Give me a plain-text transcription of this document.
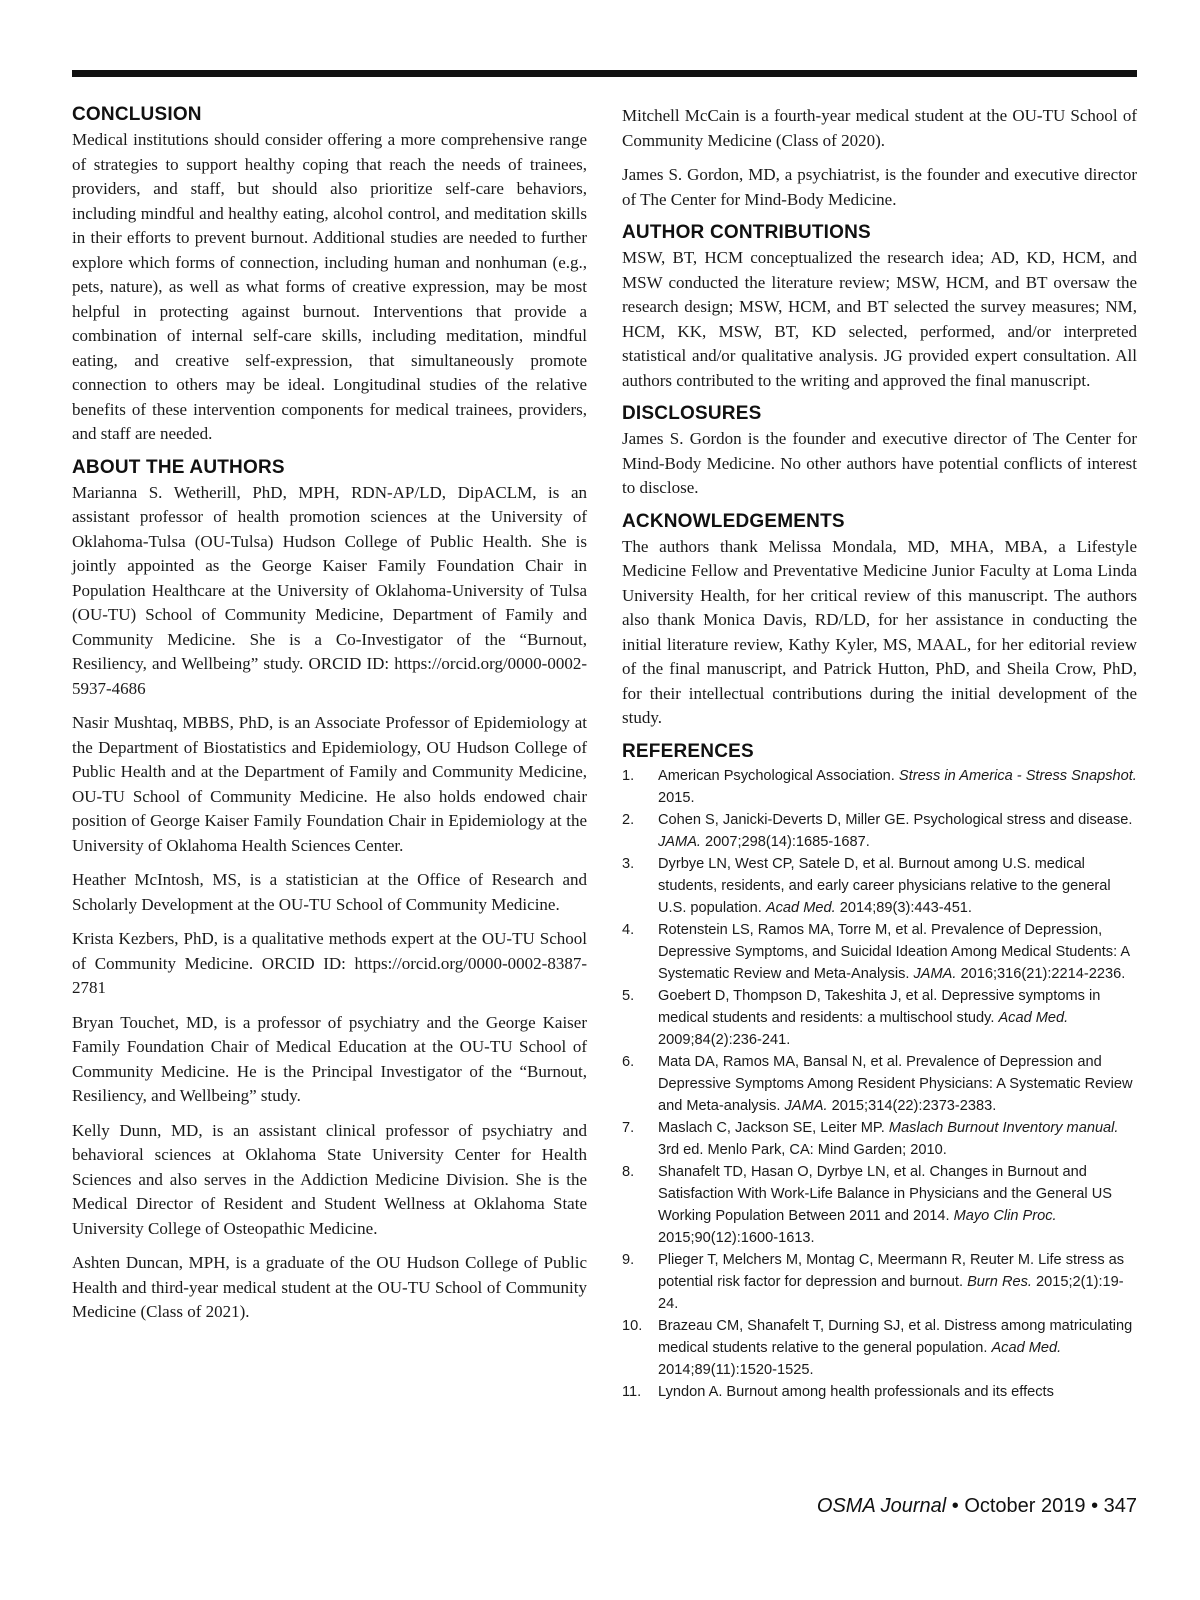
CONCLUSION

Medical institutions should consider offering a more comprehensive range of strategies to support healthy coping that reach the needs of trainees, providers, and staff, but should also prioritize self-care behaviors, including mindful and healthy eating, alcohol control, and meditation skills in their efforts to prevent burnout. Additional studies are needed to further explore which forms of connection, including human and nonhuman (e.g., pets, nature), as well as what forms of creative expression, may be most helpful in protecting against burnout. Interventions that provide a combination of internal self-care skills, including meditation, mindful eating, and creative self-expression, that simultaneously promote connection to others may be ideal. Longitudinal studies of the relative benefits of these intervention components for medical trainees, providers, and staff are needed.

ABOUT THE AUTHORS

Marianna S. Wetherill, PhD, MPH, RDN-AP/LD, DipACLM, is an assistant professor of health promotion sciences at the University of Oklahoma-Tulsa (OU-Tulsa) Hudson College of Public Health. She is jointly appointed as the George Kaiser Family Foundation Chair in Population Healthcare at the University of Oklahoma-University of Tulsa (OU-TU) School of Community Medicine, Department of Family and Community Medicine. She is a Co-Investigator of the “Burnout, Resiliency, and Wellbeing” study. ORCID ID: https://orcid.org/0000-0002-5937-4686

Nasir Mushtaq, MBBS, PhD, is an Associate Professor of Epidemiology at the Department of Biostatistics and Epidemiology, OU Hudson College of Public Health and at the Department of Family and Community Medicine, OU-TU School of Community Medicine. He also holds endowed chair position of George Kaiser Family Foundation Chair in Epidemiology at the University of Oklahoma Health Sciences Center.

Heather McIntosh, MS, is a statistician at the Office of Research and Scholarly Development at the OU-TU School of Community Medicine.

Krista Kezbers, PhD, is a qualitative methods expert at the OU-TU School of Community Medicine. ORCID ID: https://orcid.org/0000-0002-8387-2781

Bryan Touchet, MD, is a professor of psychiatry and the George Kaiser Family Foundation Chair of Medical Education at the OU-TU School of Community Medicine. He is the Principal Investigator of the “Burnout, Resiliency, and Wellbeing” study.

Kelly Dunn, MD, is an assistant clinical professor of psychiatry and behavioral sciences at Oklahoma State University Center for Health Sciences and also serves in the Addiction Medicine Division. She is the Medical Director of Resident and Student Wellness at Oklahoma State University College of Osteopathic Medicine.

Ashten Duncan, MPH, is a graduate of the OU Hudson College of Public Health and third-year medical student at the OU-TU School of Community Medicine (Class of 2021).

Mitchell McCain is a fourth-year medical student at the OU-TU School of Community Medicine (Class of 2020).

James S. Gordon, MD, a psychiatrist, is the founder and executive director of The Center for Mind-Body Medicine.

AUTHOR CONTRIBUTIONS

MSW, BT, HCM conceptualized the research idea; AD, KD, HCM, and MSW conducted the literature review; MSW, HCM, and BT oversaw the research design; MSW, HCM, and BT selected the survey measures; NM, HCM, KK, MSW, BT, KD selected, performed, and/or interpreted statistical and/or qualitative analysis. JG provided expert consultation. All authors contributed to the writing and approved the final manuscript.

DISCLOSURES

James S. Gordon is the founder and executive director of The Center for Mind-Body Medicine. No other authors have potential conflicts of interest to disclose.

ACKNOWLEDGEMENTS

The authors thank Melissa Mondala, MD, MHA, MBA, a Lifestyle Medicine Fellow and Preventative Medicine Junior Faculty at Loma Linda University Health, for her critical review of this manuscript. The authors also thank Monica Davis, RD/LD, for her assistance in conducting the initial literature review, Kathy Kyler, MS, MAAL, for her editorial review of the final manuscript, and Patrick Hutton, PhD, and Sheila Crow, PhD, for their intellectual contributions during the initial development of the study.

REFERENCES
1. American Psychological Association. Stress in America - Stress Snapshot. 2015.
2. Cohen S, Janicki-Deverts D, Miller GE. Psychological stress and disease. JAMA. 2007;298(14):1685-1687.
3. Dyrbye LN, West CP, Satele D, et al. Burnout among U.S. medical students, residents, and early career physicians relative to the general U.S. population. Acad Med. 2014;89(3):443-451.
4. Rotenstein LS, Ramos MA, Torre M, et al. Prevalence of Depression, Depressive Symptoms, and Suicidal Ideation Among Medical Students: A Systematic Review and Meta-Analysis. JAMA. 2016;316(21):2214-2236.
5. Goebert D, Thompson D, Takeshita J, et al. Depressive symptoms in medical students and residents: a multischool study. Acad Med. 2009;84(2):236-241.
6. Mata DA, Ramos MA, Bansal N, et al. Prevalence of Depression and Depressive Symptoms Among Resident Physicians: A Systematic Review and Meta-analysis. JAMA. 2015;314(22):2373-2383.
7. Maslach C, Jackson SE, Leiter MP. Maslach Burnout Inventory manual. 3rd ed. Menlo Park, CA: Mind Garden; 2010.
8. Shanafelt TD, Hasan O, Dyrbye LN, et al. Changes in Burnout and Satisfaction With Work-Life Balance in Physicians and the General US Working Population Between 2011 and 2014. Mayo Clin Proc. 2015;90(12):1600-1613.
9. Plieger T, Melchers M, Montag C, Meermann R, Reuter M. Life stress as potential risk factor for depression and burnout. Burn Res. 2015;2(1):19-24.
10. Brazeau CM, Shanafelt T, Durning SJ, et al. Distress among matriculating medical students relative to the general population. Acad Med. 2014;89(11):1520-1525.
11. Lyndon A. Burnout among health professionals and its effects
OSMA Journal • October 2019 • 347
